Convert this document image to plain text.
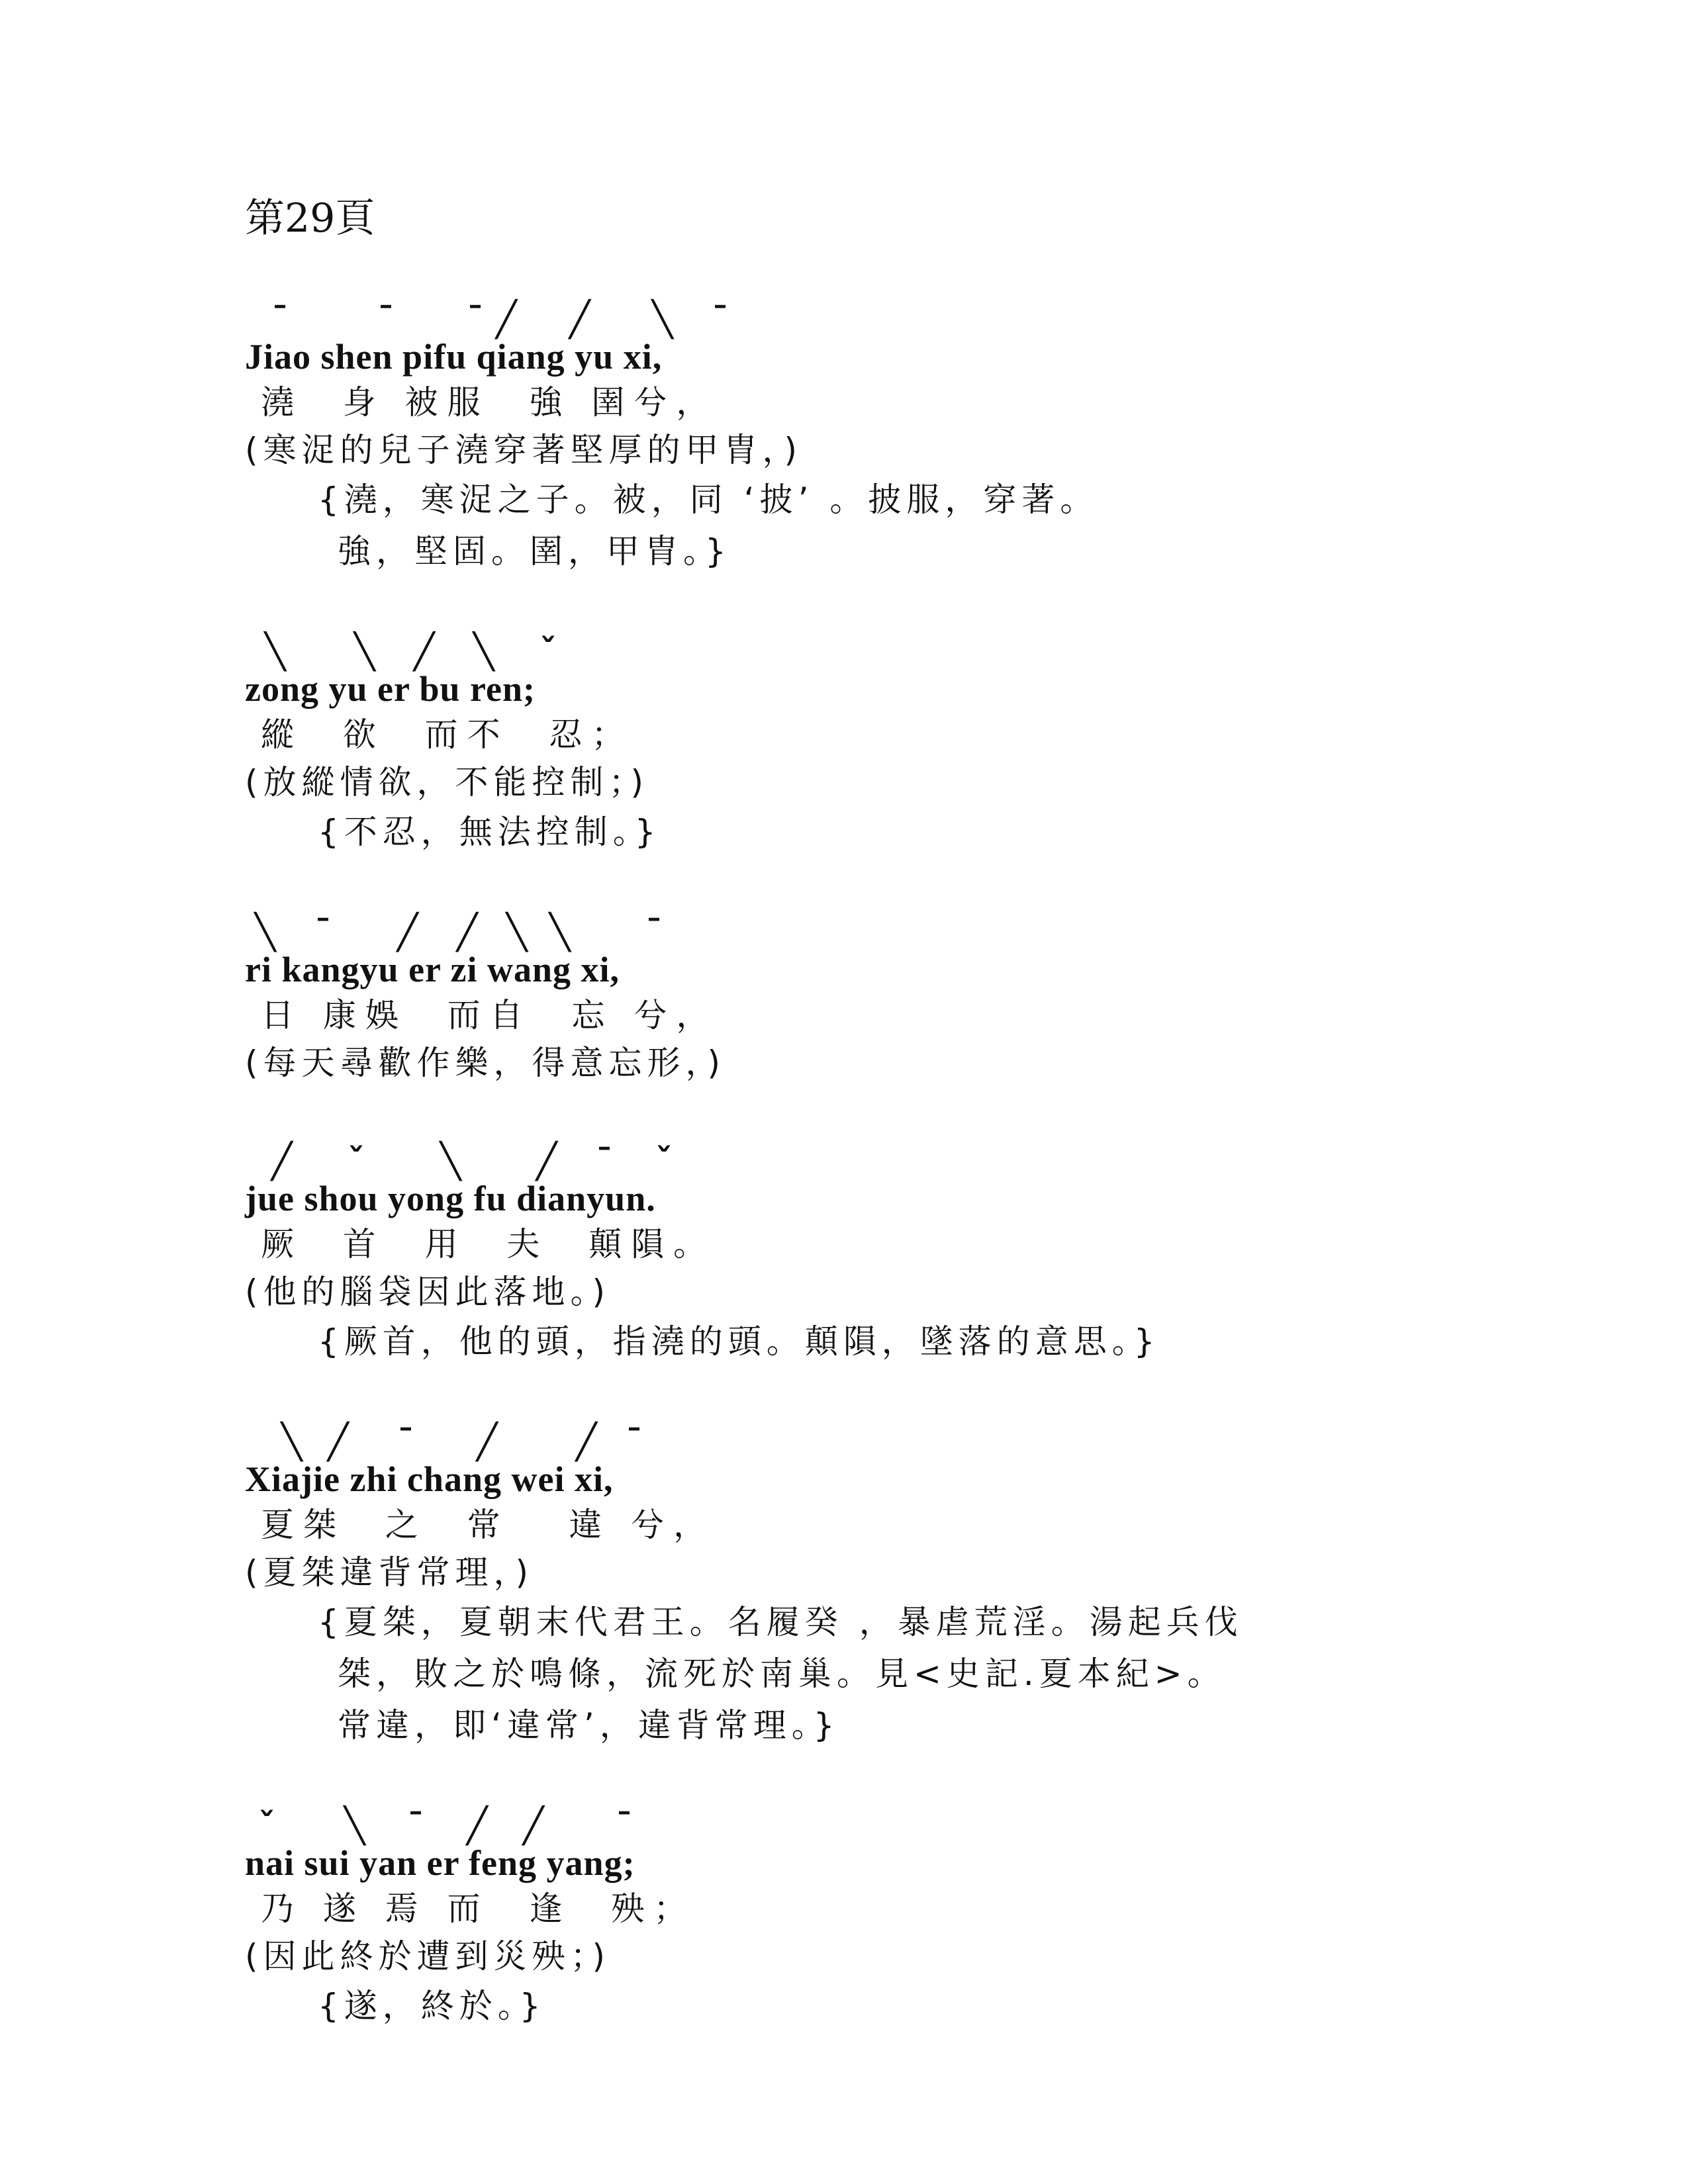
第29頁
¯	¯ ¯ ╱ ╱ ╲ ¯
Jiao shen pifu qiang yu xi,
澆  身 被服  強 圉兮，
(寒浞的兒子澆穿著堅厚的甲胄，)
{澆，寒浞之子。被，同 ‘披’ 。披服，穿著。
強，堅固。圉，甲胄。}
╲ ╲ ╱ ╲ ˇ
zong yu er bu ren;
縱  欲  而不  忍；
(放縱情欲，不能控制；)
{不忍，無法控制。}
╲ ¯ ╱ ╱ ╲ ╲ ¯
ri kangyu er zi wang xi,
日 康娛  而自  忘 兮，
(每天尋歡作樂，得意忘形，)
╱ ˇ ╲ ╱ ¯ ˇ
jue shou yong fu dianyun.
厥  首  用  夫  顛隕。
(他的腦袋因此落地。)
{厥首，他的頭，指澆的頭。顛隕，墜落的意思。}
╲ ╱ ¯ ╱ ╱ ¯
Xiajie zhi chang wei xi,
夏桀  之  常   違 兮，
(夏桀違背常理，)
{夏桀，夏朝末代君王。名履癸 ，暴虐荒淫。湯起兵伐
桀，敗之於鳴條，流死於南巢。見<史記.夏本紀>。
常違，即‘違常’，違背常理。}
ˇ ╲ ¯ ╱ ╱ ¯
nai sui yan er feng yang;
乃 遂 焉 而  逢  殃；
(因此終於遭到災殃；)
{遂，終於。}
